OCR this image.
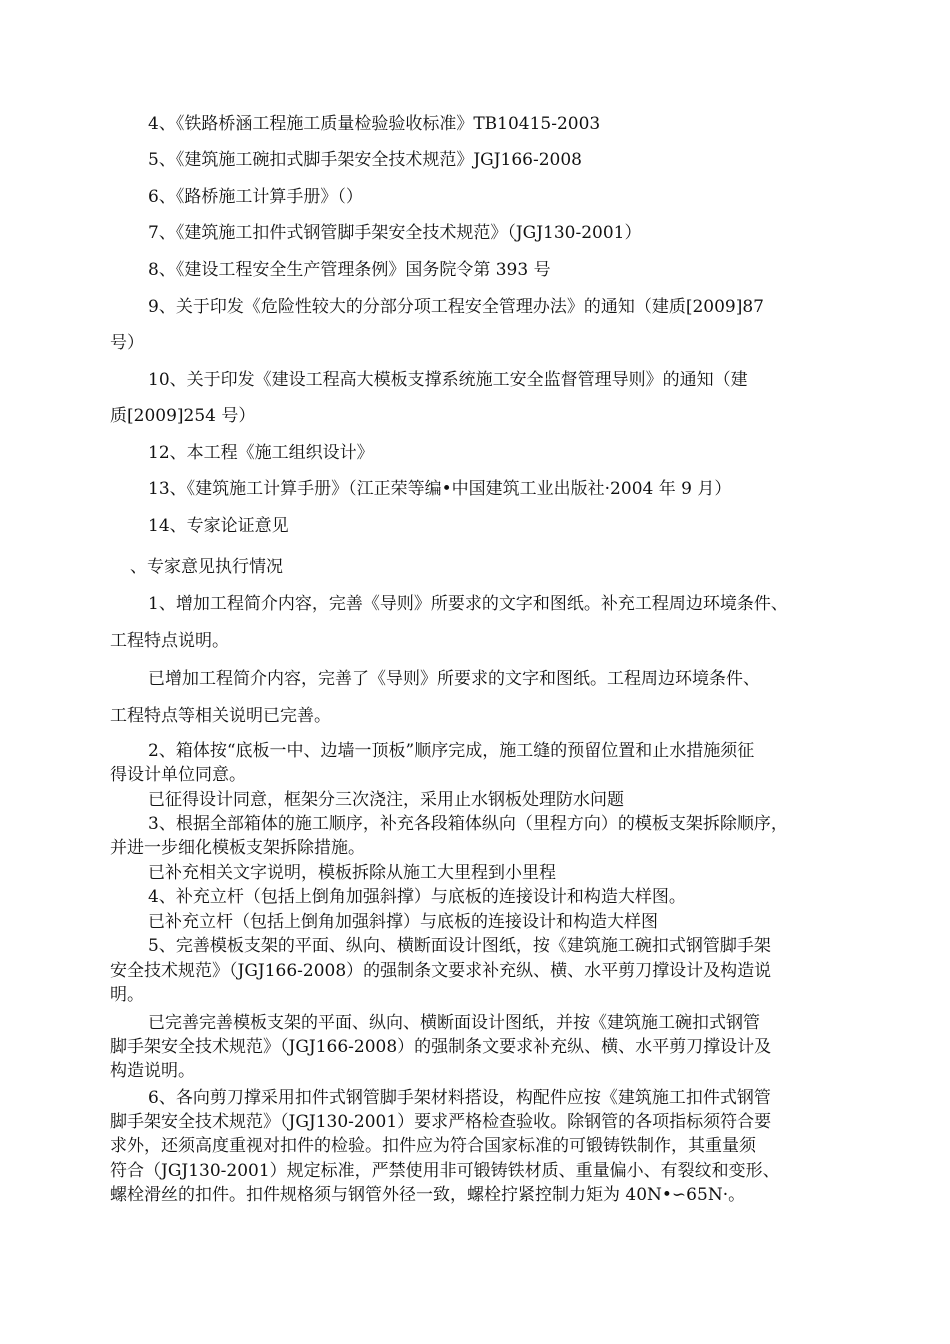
4、《铁路桥涵工程施工质量检验验收标准》TB10415-2003

5、《建筑施工碗扣式脚手架安全技术规范》JGJ166-2008

6、《路桥施工计算手册》（）

7、《建筑施工扣件式钢管脚手架安全技术规范》（JGJ130-2001）

8、《建设工程安全生产管理条例》国务院令第 393 号

9、关于印发《危险性较大的分部分项工程安全管理办法》的通知（建质[2009]87

号）

10、关于印发《建设工程高大模板支撑系统施工安全监督管理导则》的通知（建

质[2009]254 号）

12、本工程《施工组织设计》

13、《建筑施工计算手册》（江正荣等编•中国建筑工业出版社·2004 年 9 月）

14、专家论证意见

、专家意见执行情况

1、增加工程简介内容，完善《导则》所要求的文字和图纸。补充工程周边环境条件、

工程特点说明。

已增加工程简介内容，完善了《导则》所要求的文字和图纸。工程周边环境条件、

工程特点等相关说明已完善。

2、箱体按“底板一中、边墙一顶板”顺序完成，施工缝的预留位置和止水措施须征

得设计单位同意。

已征得设计同意，框架分三次浇注，采用止水钢板处理防水问题

3、根据全部箱体的施工顺序，补充各段箱体纵向（里程方向）的模板支架拆除顺序，

并进一步细化模板支架拆除措施。

已补充相关文字说明，模板拆除从施工大里程到小里程

4、补充立杆（包括上倒角加强斜撑）与底板的连接设计和构造大样图。

已补充立杆（包括上倒角加强斜撑）与底板的连接设计和构造大样图

5、完善模板支架的平面、纵向、横断面设计图纸，按《建筑施工碗扣式钢管脚手架

安全技术规范》（JGJ166-2008）的强制条文要求补充纵、横、水平剪刀撑设计及构造说

明。

已完善完善模板支架的平面、纵向、横断面设计图纸，并按《建筑施工碗扣式钢管

脚手架安全技术规范》（JGJ166-2008）的强制条文要求补充纵、横、水平剪刀撑设计及

构造说明。

6、各向剪刀撑采用扣件式钢管脚手架材料搭设，构配件应按《建筑施工扣件式钢管

脚手架安全技术规范》（JGJ130-2001）要求严格检查验收。除钢管的各项指标须符合要

求外，还须高度重视对扣件的检验。扣件应为符合国家标准的可锻铸铁制作，其重量须

符合（JGJ130-2001）规定标准，严禁使用非可锻铸铁材质、重量偏小、有裂纹和变形、

螺栓滑丝的扣件。扣件规格须与钢管外径一致，螺栓拧紧控制力矩为 40N•∽65N·。
